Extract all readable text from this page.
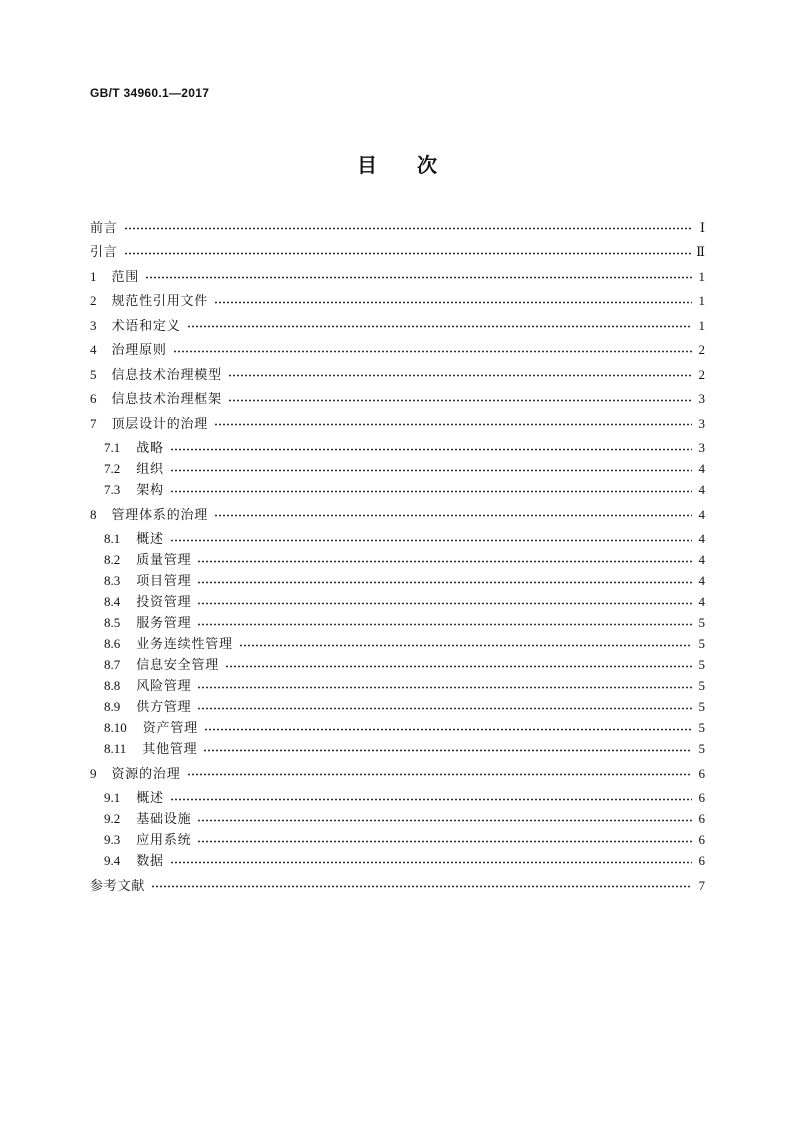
GB/T 34960.1—2017
目　次
前言	Ⅰ
引言	Ⅱ
1 范围	1
2 规范性引用文件	1
3 术语和定义	1
4 治理原则	2
5 信息技术治理模型	2
6 信息技术治理框架	3
7 顶层设计的治理	3
7.1 战略	3
7.2 组织	4
7.3 架构	4
8 管理体系的治理	4
8.1 概述	4
8.2 质量管理	4
8.3 项目管理	4
8.4 投资管理	4
8.5 服务管理	5
8.6 业务连续性管理	5
8.7 信息安全管理	5
8.8 风险管理	5
8.9 供方管理	5
8.10 资产管理	5
8.11 其他管理	5
9 资源的治理	6
9.1 概述	6
9.2 基础设施	6
9.3 应用系统	6
9.4 数据	6
参考文献	7
